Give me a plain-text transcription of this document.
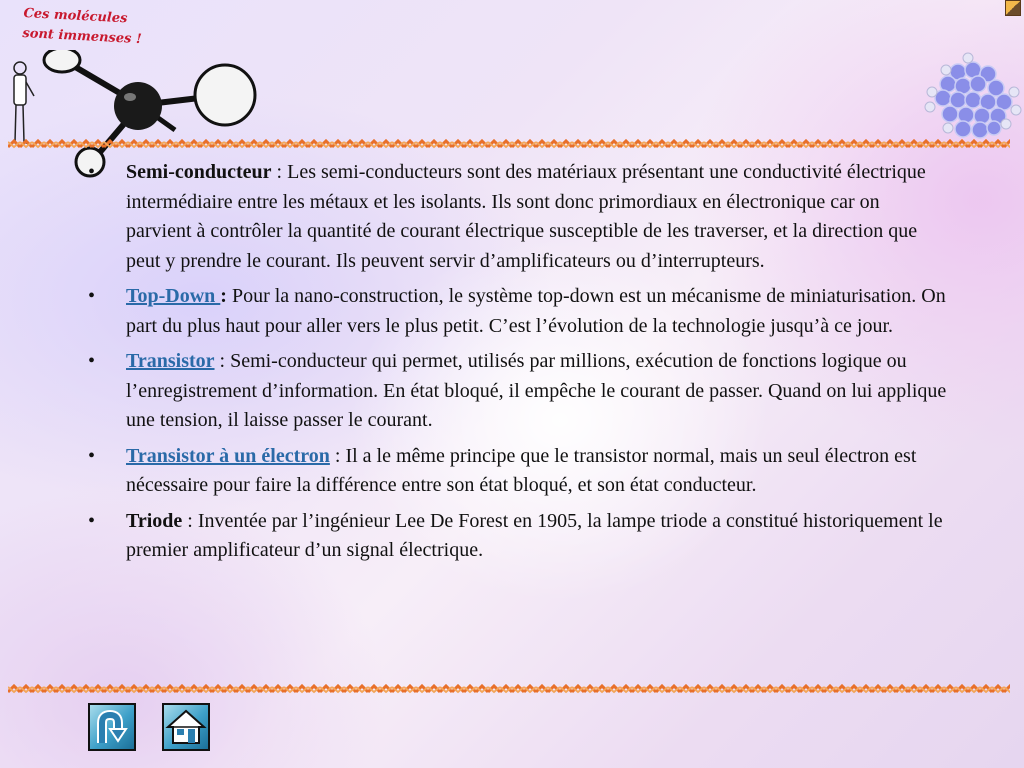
Ces molécules
sont immenses !
• Semi-conducteur : Les semi-conducteurs sont des matériaux présentant une conductivité électrique intermédiaire entre les métaux et les isolants. Ils sont donc primordiaux en électronique car on parvient à contrôler la quantité de courant électrique susceptible de les traverser, et la direction que peut y prendre le courant. Ils peuvent servir d’amplificateurs ou d’interrupteurs.
• Top-Down : Pour la nano-construction, le système top-down est un mécanisme de miniaturisation. On part du plus haut pour aller vers le plus petit. C’est l’évolution de la technologie jusqu’à ce jour.
• Transistor : Semi-conducteur qui permet, utilisés par millions, exécution de fonctions logique ou l’enregistrement d’information. En état bloqué, il empêche le courant de passer. Quand on lui applique une tension, il laisse passer le courant.
• Transistor à un électron : Il a le même principe que le transistor normal, mais un seul électron est nécessaire pour faire la différence entre son état bloqué, et son état conducteur.
• Triode : Inventée par l’ingénieur Lee De Forest en 1905, la lampe triode a constitué historiquement le premier amplificateur d’un signal électrique.
